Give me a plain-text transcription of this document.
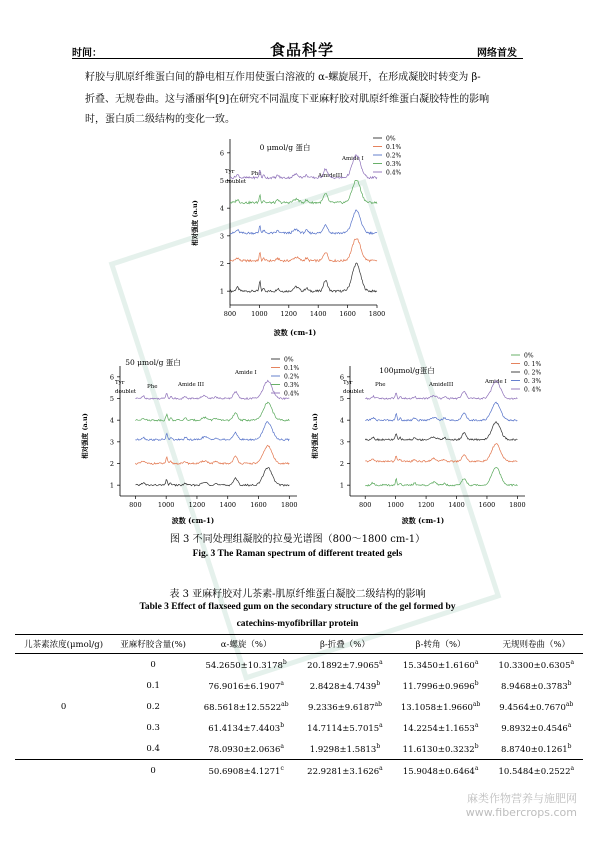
时间：	食品科学	网络首发
籽胶与肌原纤维蛋白间的静电相互作用使蛋白溶液的 α-螺旋展开，在形成凝胶时转变为 β-
折叠、无规卷曲。这与潘丽华[9]在研究不同温度下亚麻籽胶对肌原纤维蛋白凝胶特性的影响
时，蛋白质二级结构的变化一致。
800 1000 1200 1400 1600 1800
1
2
3
4
5
6
波数 (cm-1)
相对强度 (a.u)
0 μmol/g 蛋白
Tyr
doublet
Phe	AmideIII
Amide I
0%
0.1%
0.2%
0.3%
0.4%
800	1000 1200 1400 1600 1800
1
2
3
4
5
6
波数 (cm-1)
相对强度 (a.u)
50 μmol/g 蛋白
Tyr
doublet
Phe	Amide III
Amide I
0%
0.1%
0.2%
0.3%
0.4%
800 1000 1200 1400 1600 1800
1
2
3
4
5
6
波数 (cm-1)
相对强度 (a.u)
100μmol/g蛋白
Tyr
doublet
Phe	AmideIII	Amide I
0%
0. 1%
0. 2%
0. 3%
0. 4%
图 3 不同处理组凝胶的拉曼光谱图（800～1800 cm-1）
Fig. 3 The Raman spectrum of different treated gels
表 3 亚麻籽胶对儿茶素-肌原纤维蛋白凝胶二级结构的影响
Table 3 Effect of flaxseed gum on the secondary structure of the gel formed by
catechins-myofibrillar protein
儿茶素浓度(μmol/g)	亚麻籽胶含量(%)	α-螺旋（%）	β-折叠（%）	β-转角（%）	无规则卷曲（%）
	0	54.2650±10.3178$^b$	20.1892±7.9065$^a$	15.3450±1.6160$^a$	10.3300±0.6305$^a$
	0.1	76.9016±6.1907$^a$	2.8428±4.7439$^b$	11.7996±0.9696$^b$	8.9468±0.3783$^b$
0	0.2	68.5618±12.5522$^{ab}$	9.2336±9.6187$^{ab}$	13.1058±1.9660$^{ab}$	9.4564±0.7670$^{ab}$
	0.3	61.4134±7.4403$^b$	14.7114±5.7015$^a$	14.2254±1.1653$^a$	9.8932±0.4546$^a$
	0.4	78.0930±2.0636$^a$	1.9298±1.5813$^b$	11.6130±0.3232$^b$	8.8740±0.1261$^b$
	0	50.6908±4.1271$^c$	22.9281±3.1626$^a$	15.9048±0.6464$^a$	10.5484±0.2522$^a$
麻类作物营养与施肥网
www.fibercrops.com
